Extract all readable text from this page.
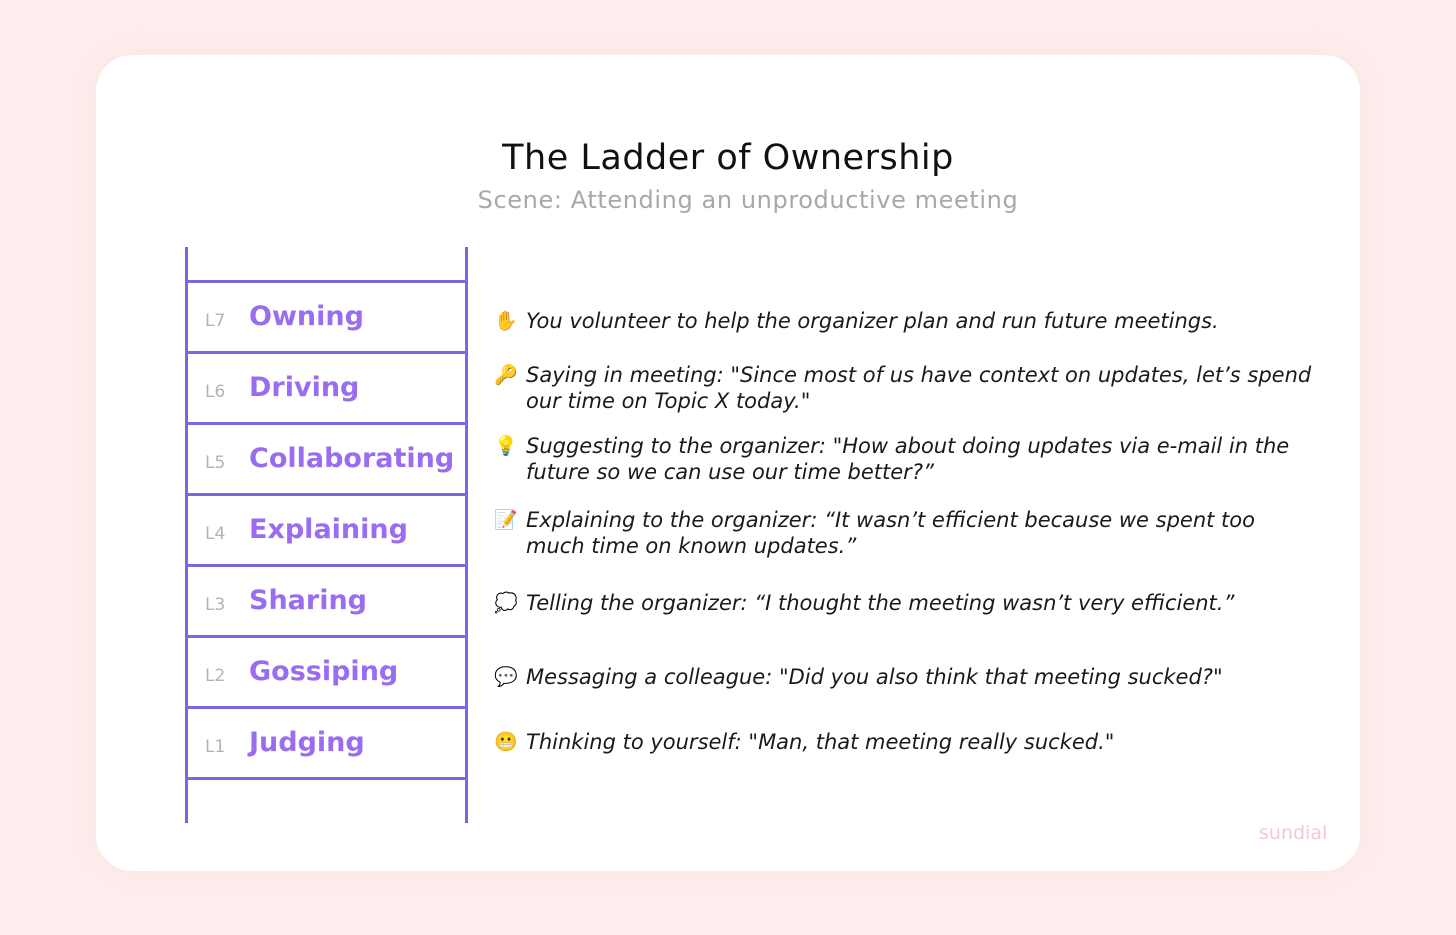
The Ladder of Ownership
Scene: Attending an unproductive meeting
L7 Owning
L6 Driving
L5 Collaborating
L4 Explaining
L3 Sharing
L2 Gossiping
L1 Judging
✋ You volunteer to help the organizer plan and run future meetings.
🔑 Saying in meeting: "Since most of us have context on updates, let’s spend our time on Topic X today."
💡 Suggesting to the organizer: "How about doing updates via e-mail in the future so we can use our time better?”
📝 Explaining to the organizer: “It wasn’t efficient because we spent too much time on known updates.”
💭 Telling the organizer: “I thought the meeting wasn’t very efficient.”
💬 Messaging a colleague: "Did you also think that meeting sucked?"
😬 Thinking to yourself: "Man, that meeting really sucked."
sundial
